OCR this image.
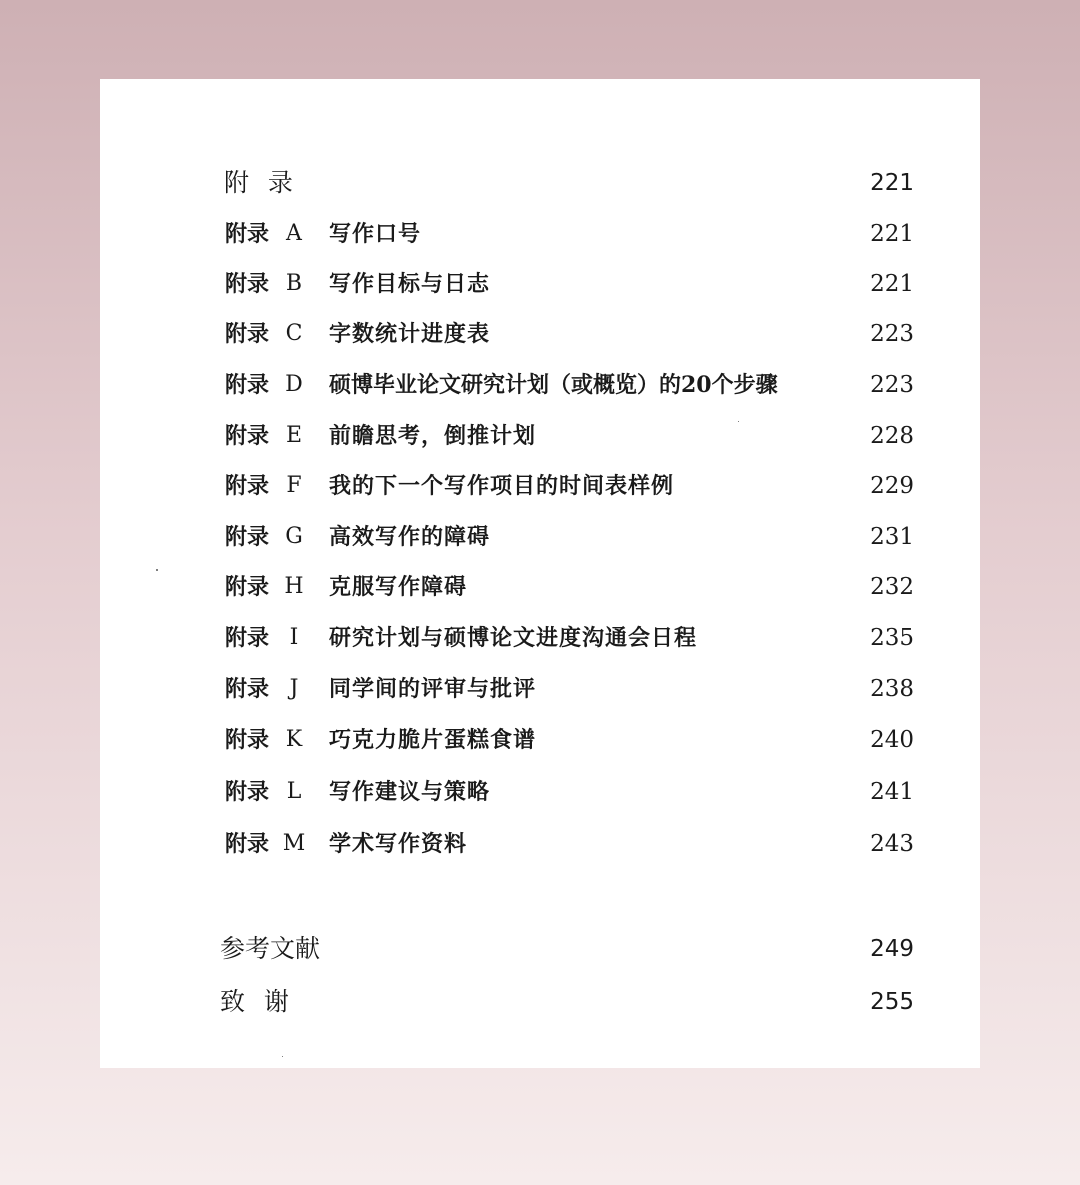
附  录	221
附录 A 写作口号	221
附录 B 写作目标与日志	221
附录 C 字数统计进度表	223
附录 D 硕博毕业论文研究计划（或概览）的20个步骤	223
附录 E 前瞻思考，倒推计划	228
附录 F 我的下一个写作项目的时间表样例	229
附录 G 高效写作的障碍	231
附录 H 克服写作障碍	232
附录 I	研究计划与硕博论文进度沟通会日程	235
附录 J	同学间的评审与批评	238
附录 K 巧克力脆片蛋糕食谱	240
附录 L	写作建议与策略	241
附录 M 学术写作资料	243
参考文献	249
致  谢	255
